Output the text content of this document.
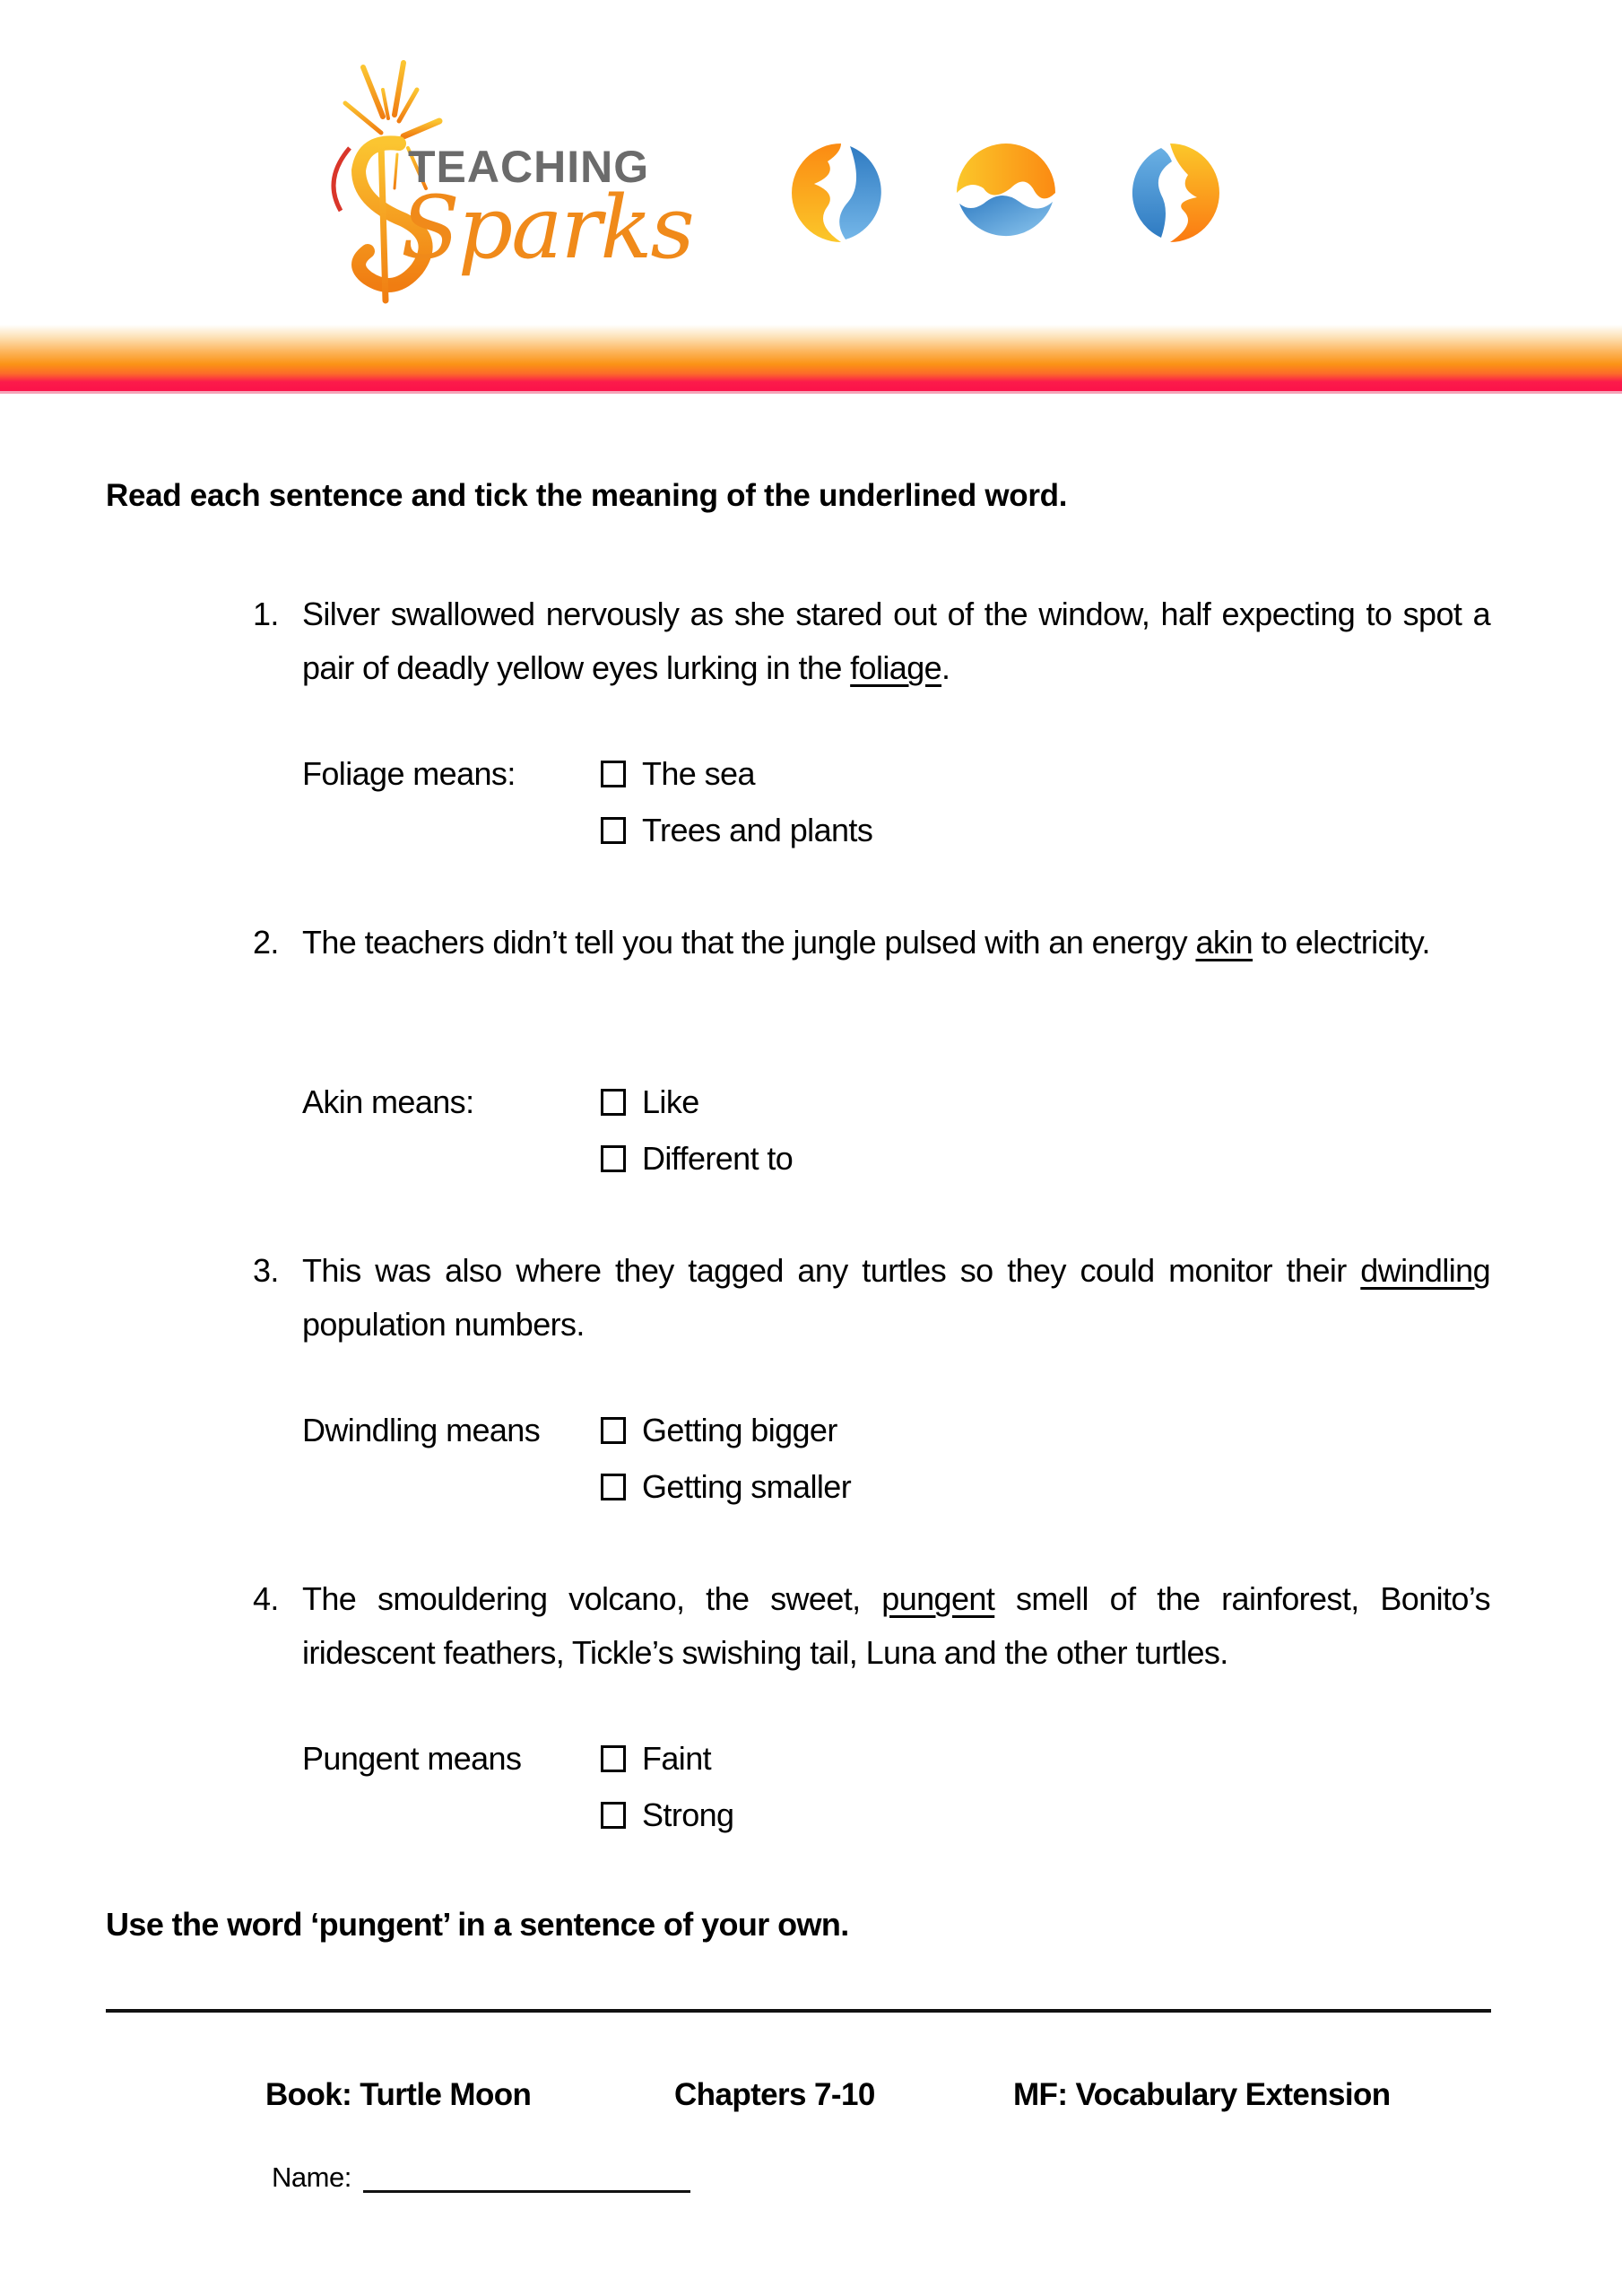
TEACHING
Sparks
Read each sentence and tick the meaning of the underlined word.
1. Silver swallowed nervously as she stared out of the window, half expecting to spot a pair of deadly yellow eyes lurking in the foliage.
Foliage means:	The sea
Trees and plants
2. The teachers didn’t tell you that the jungle pulsed with an energy akin to electricity.
Akin means:	Like
Different to
3. This was also where they tagged any turtles so they could monitor their dwindling population numbers.
Dwindling means	Getting bigger
Getting smaller
4. The smouldering volcano, the sweet, pungent smell of the rainforest, Bonito’s iridescent feathers, Tickle’s swishing tail, Luna and the other turtles.
Pungent means	Faint
Strong
Use the word ‘pungent’ in a sentence of your own.
Book: Turtle Moon	Chapters 7-10	MF: Vocabulary Extension
Name:
